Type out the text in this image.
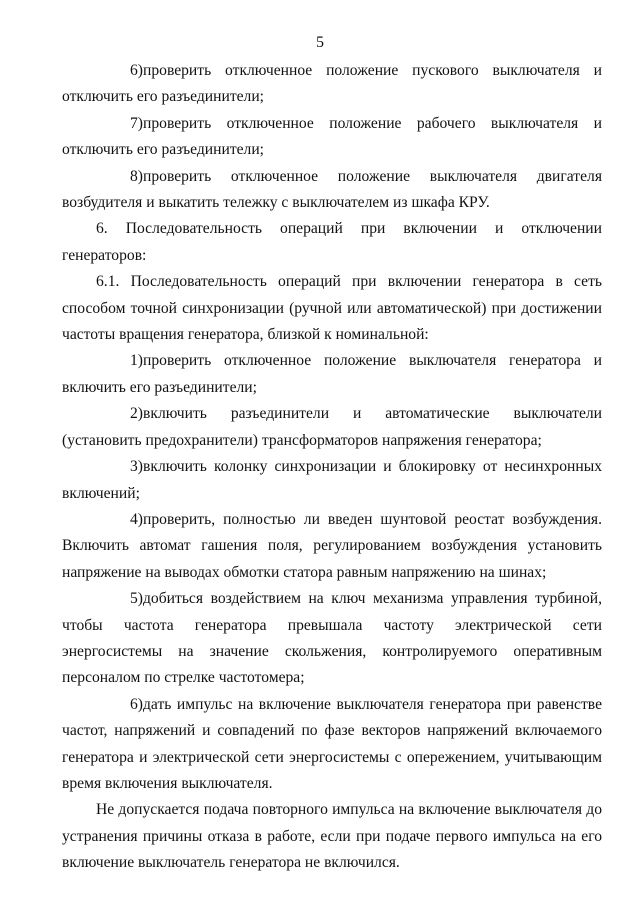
5

6)проверить отключенное положение пускового выключателя и отключить его разъединители;

7)проверить отключенное положение рабочего выключателя и отключить его разъединители;

8)проверить отключенное положение выключателя двигателя возбудителя и выкатить тележку с выключателем из шкафа КРУ.

6. Последовательность операций при включении и отключении генераторов:

6.1. Последовательность операций при включении генератора в сеть способом точной синхронизации (ручной или автоматической) при достижении частоты вращения генератора, близкой к номинальной:

1)проверить отключенное положение выключателя генератора и включить его разъединители;

2)включить разъединители и автоматические выключатели (установить предохранители) трансформаторов напряжения генератора;

3)включить колонку синхронизации и блокировку от несинхронных включений;

4)проверить, полностью ли введен шунтовой реостат возбуждения. Включить автомат гашения поля, регулированием возбуждения установить напряжение на выводах обмотки статора равным напряжению на шинах;

5)добиться воздействием на ключ механизма управления турбиной, чтобы частота генератора превышала частоту электрической сети энергосистемы на значение скольжения, контролируемого оперативным персоналом по стрелке частотомера;

6)дать импульс на включение выключателя генератора при равенстве частот, напряжений и совпадений по фазе векторов напряжений включаемого генератора и электрической сети энергосистемы с опережением, учитывающим время включения выключателя.

Не допускается подача повторного импульса на включение выключателя до устранения причины отказа в работе, если при подаче первого импульса на его включение выключатель генератора не включился.
